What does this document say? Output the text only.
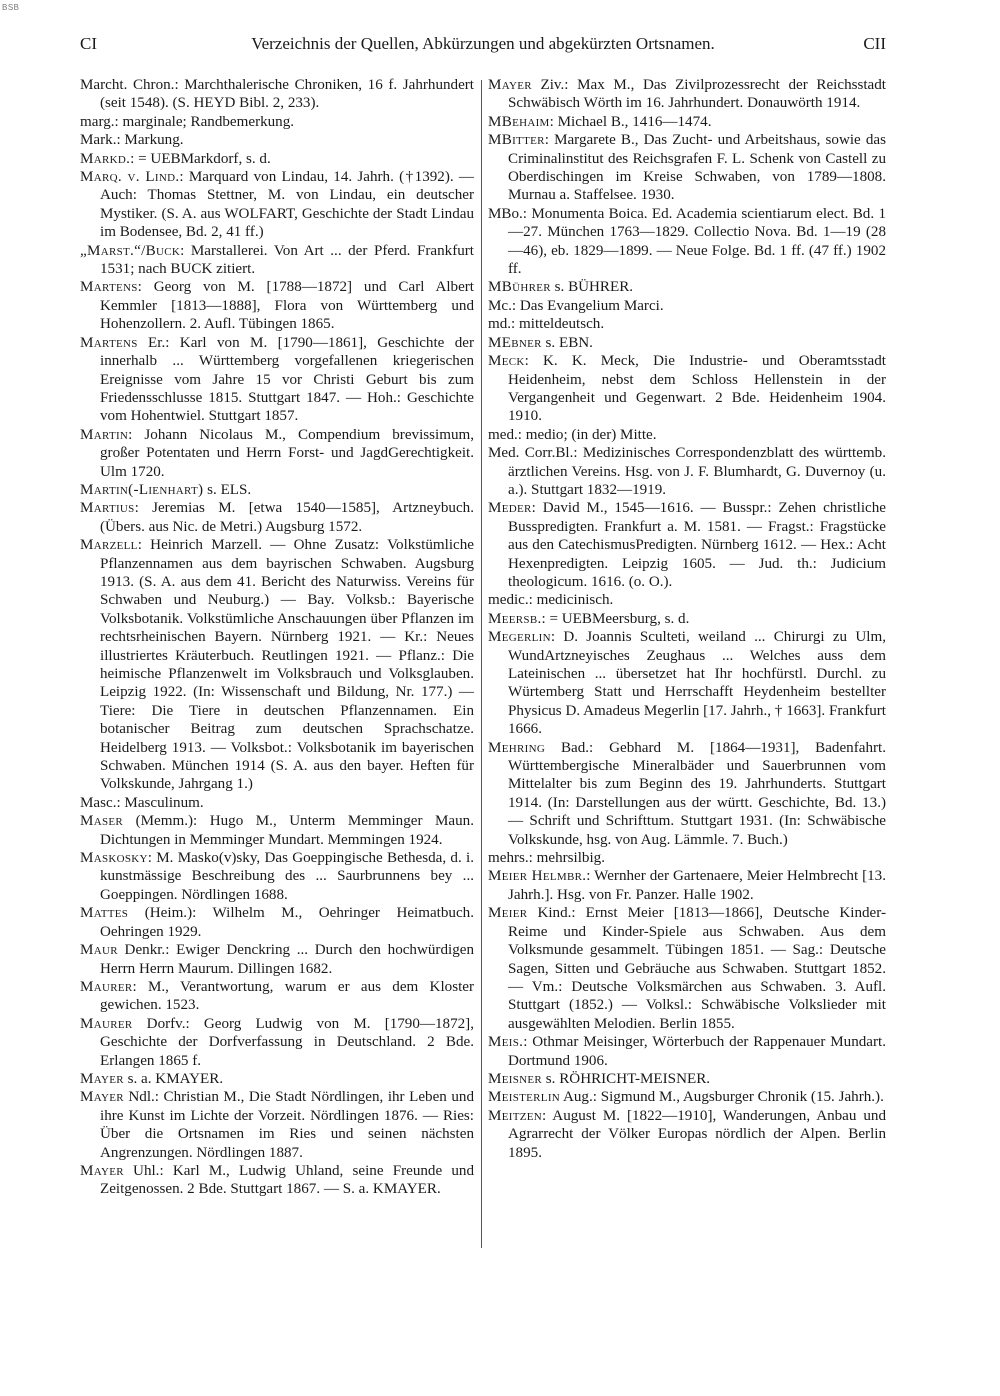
BSB
CI	Verzeichnis der Quellen, Abkürzungen und abgekürzten Ortsnamen.	CII
Marcht. Chron.: Marchthalerische Chroniken, 16 f. Jahrhundert (seit 1548). (S. HEYD Bibl. 2, 233).
marg.: marginale; Randbemerkung.
Mark.: Markung.
Markd.: = UEBMarkdorf, s. d.
Marq. v. Lind.: Marquard von Lindau, 14. Jahrh. (†1392). — Auch: Thomas Stettner, M. von Lindau, ein deutscher Mystiker. (S. A. aus WOLFART, Geschichte der Stadt Lindau im Bodensee, Bd. 2, 41 ff.)
„Marst.“/Buck: Marstallerei. Von Art ... der Pferd. Frankfurt 1531; nach BUCK zitiert.
Martens: Georg von M. [1788—1872] und Carl Albert Kemmler [1813—1888], Flora von Württemberg und Hohenzollern. 2. Aufl. Tübingen 1865.
Martens Er.: Karl von M. [1790—1861], Geschichte der innerhalb ... Württemberg vorgefallenen kriegerischen Ereignisse vom Jahre 15 vor Christi Geburt bis zum Friedensschlusse 1815. Stuttgart 1847. — Hoh.: Geschichte vom Hohentwiel. Stuttgart 1857.
Martin: Johann Nicolaus M., Compendium brevissimum, großer Potentaten und Herrn Forst- und JagdGerechtigkeit. Ulm 1720.
Martin(-Lienhart) s. ELS.
Martius: Jeremias M. [etwa 1540—1585], Artzneybuch. (Übers. aus Nic. de Metri.) Augsburg 1572.
Marzell: Heinrich Marzell. — Ohne Zusatz: Volkstümliche Pflanzennamen aus dem bayrischen Schwaben. Augsburg 1913. (S. A. aus dem 41. Bericht des Naturwiss. Vereins für Schwaben und Neuburg.) — Bay. Volksb.: Bayerische Volksbotanik. Volkstümliche Anschauungen über Pflanzen im rechtsrheinischen Bayern. Nürnberg 1921. — Kr.: Neues illustriertes Kräuterbuch. Reutlingen 1921. — Pflanz.: Die heimische Pflanzenwelt im Volksbrauch und Volksglauben. Leipzig 1922. (In: Wissenschaft und Bildung, Nr. 177.) — Tiere: Die Tiere in deutschen Pflanzennamen. Ein botanischer Beitrag zum deutschen Sprachschatze. Heidelberg 1913. — Volksbot.: Volksbotanik im bayerischen Schwaben. München 1914 (S. A. aus den bayer. Heften für Volkskunde, Jahrgang 1.)
Masc.: Masculinum.
Maser (Memm.): Hugo M., Unterm Memminger Maun. Dichtungen in Memminger Mundart. Memmingen 1924.
Maskosky: M. Masko(v)sky, Das Goeppingische Bethesda, d. i. kunstmässige Beschreibung des ... Saurbrunnens bey ... Goeppingen. Nördlingen 1688.
Mattes (Heim.): Wilhelm M., Oehringer Heimatbuch. Oehringen 1929.
Maur Denkr.: Ewiger Denckring ... Durch den hochwürdigen Herrn Herrn Maurum. Dillingen 1682.
Maurer: M., Verantwortung, warum er aus dem Kloster gewichen. 1523.
Maurer Dorfv.: Georg Ludwig von M. [1790—1872], Geschichte der Dorfverfassung in Deutschland. 2 Bde. Erlangen 1865 f.
Mayer s. a. KMAYER.
Mayer Ndl.: Christian M., Die Stadt Nördlingen, ihr Leben und ihre Kunst im Lichte der Vorzeit. Nördlingen 1876. — Ries: Über die Ortsnamen im Ries und seinen nächsten Angrenzungen. Nördlingen 1887.
Mayer Uhl.: Karl M., Ludwig Uhland, seine Freunde und Zeitgenossen. 2 Bde. Stuttgart 1867. — S. a. KMAYER.
Mayer Ziv.: Max M., Das Zivilprozessrecht der Reichsstadt Schwäbisch Wörth im 16. Jahrhundert. Donauwörth 1914.
MBehaim: Michael B., 1416—1474.
MBitter: Margarete B., Das Zucht- und Arbeitshaus, sowie das Criminalinstitut des Reichsgrafen F. L. Schenk von Castell zu Oberdischingen im Kreise Schwaben, von 1789—1808. Murnau a. Staffelsee. 1930.
MBo.: Monumenta Boica. Ed. Academia scientiarum elect. Bd. 1—27. München 1763—1829. Collectio Nova. Bd. 1—19 (28—46), eb. 1829—1899. — Neue Folge. Bd. 1 ff. (47 ff.) 1902 ff.
MBührer s. BÜHRER.
Mc.: Das Evangelium Marci.
md.: mitteldeutsch.
MEbner s. EBN.
Meck: K. K. Meck, Die Industrie- und Oberamtsstadt Heidenheim, nebst dem Schloss Hellenstein in der Vergangenheit und Gegenwart. 2 Bde. Heidenheim 1904. 1910.
med.: medio; (in der) Mitte.
Med. Corr.Bl.: Medizinisches Correspondenzblatt des württemb. ärztlichen Vereins. Hsg. von J. F. Blumhardt, G. Duvernoy (u. a.). Stuttgart 1832—1919.
Meder: David M., 1545—1616. — Busspr.: Zehen christliche Busspredigten. Frankfurt a. M. 1581. — Fragst.: Fragstücke aus den CatechismusPredigten. Nürnberg 1612. — Hex.: Acht Hexenpredigten. Leipzig 1605. — Jud. th.: Judicium theologicum. 1616. (o. O.).
medic.: medicinisch.
Meersb.: = UEBMeersburg, s. d.
Megerlin: D. Joannis Sculteti, weiland ... Chirurgi zu Ulm, WundArtzneyisches Zeughaus ... Welches auss dem Lateinischen ... übersetzet hat Ihr hochfürstl. Durchl. zu Würtemberg Statt und Herrschafft Heydenheim bestellter Physicus D. Amadeus Megerlin [17. Jahrh., † 1663]. Frankfurt 1666.
Mehring Bad.: Gebhard M. [1864—1931], Badenfahrt. Württembergische Mineralbäder und Sauerbrunnen vom Mittelalter bis zum Beginn des 19. Jahrhunderts. Stuttgart 1914. (In: Darstellungen aus der württ. Geschichte, Bd. 13.) — Schrift und Schrifttum. Stuttgart 1931. (In: Schwäbische Volkskunde, hsg. von Aug. Lämmle. 7. Buch.)
mehrs.: mehrsilbig.
Meier Helmbr.: Wernher der Gartenaere, Meier Helmbrecht [13. Jahrh.]. Hsg. von Fr. Panzer. Halle 1902.
Meier Kind.: Ernst Meier [1813—1866], Deutsche Kinder-Reime und Kinder-Spiele aus Schwaben. Aus dem Volksmunde gesammelt. Tübingen 1851. — Sag.: Deutsche Sagen, Sitten und Gebräuche aus Schwaben. Stuttgart 1852. — Vm.: Deutsche Volksmärchen aus Schwaben. 3. Aufl. Stuttgart (1852.) — Volksl.: Schwäbische Volkslieder mit ausgewählten Melodien. Berlin 1855.
Meis.: Othmar Meisinger, Wörterbuch der Rappenauer Mundart. Dortmund 1906.
Meisner s. RÖHRICHT-MEISNER.
Meisterlin Aug.: Sigmund M., Augsburger Chronik (15. Jahrh.).
Meitzen: August M. [1822—1910], Wanderungen, Anbau und Agrarrecht der Völker Europas nördlich der Alpen. Berlin 1895.
